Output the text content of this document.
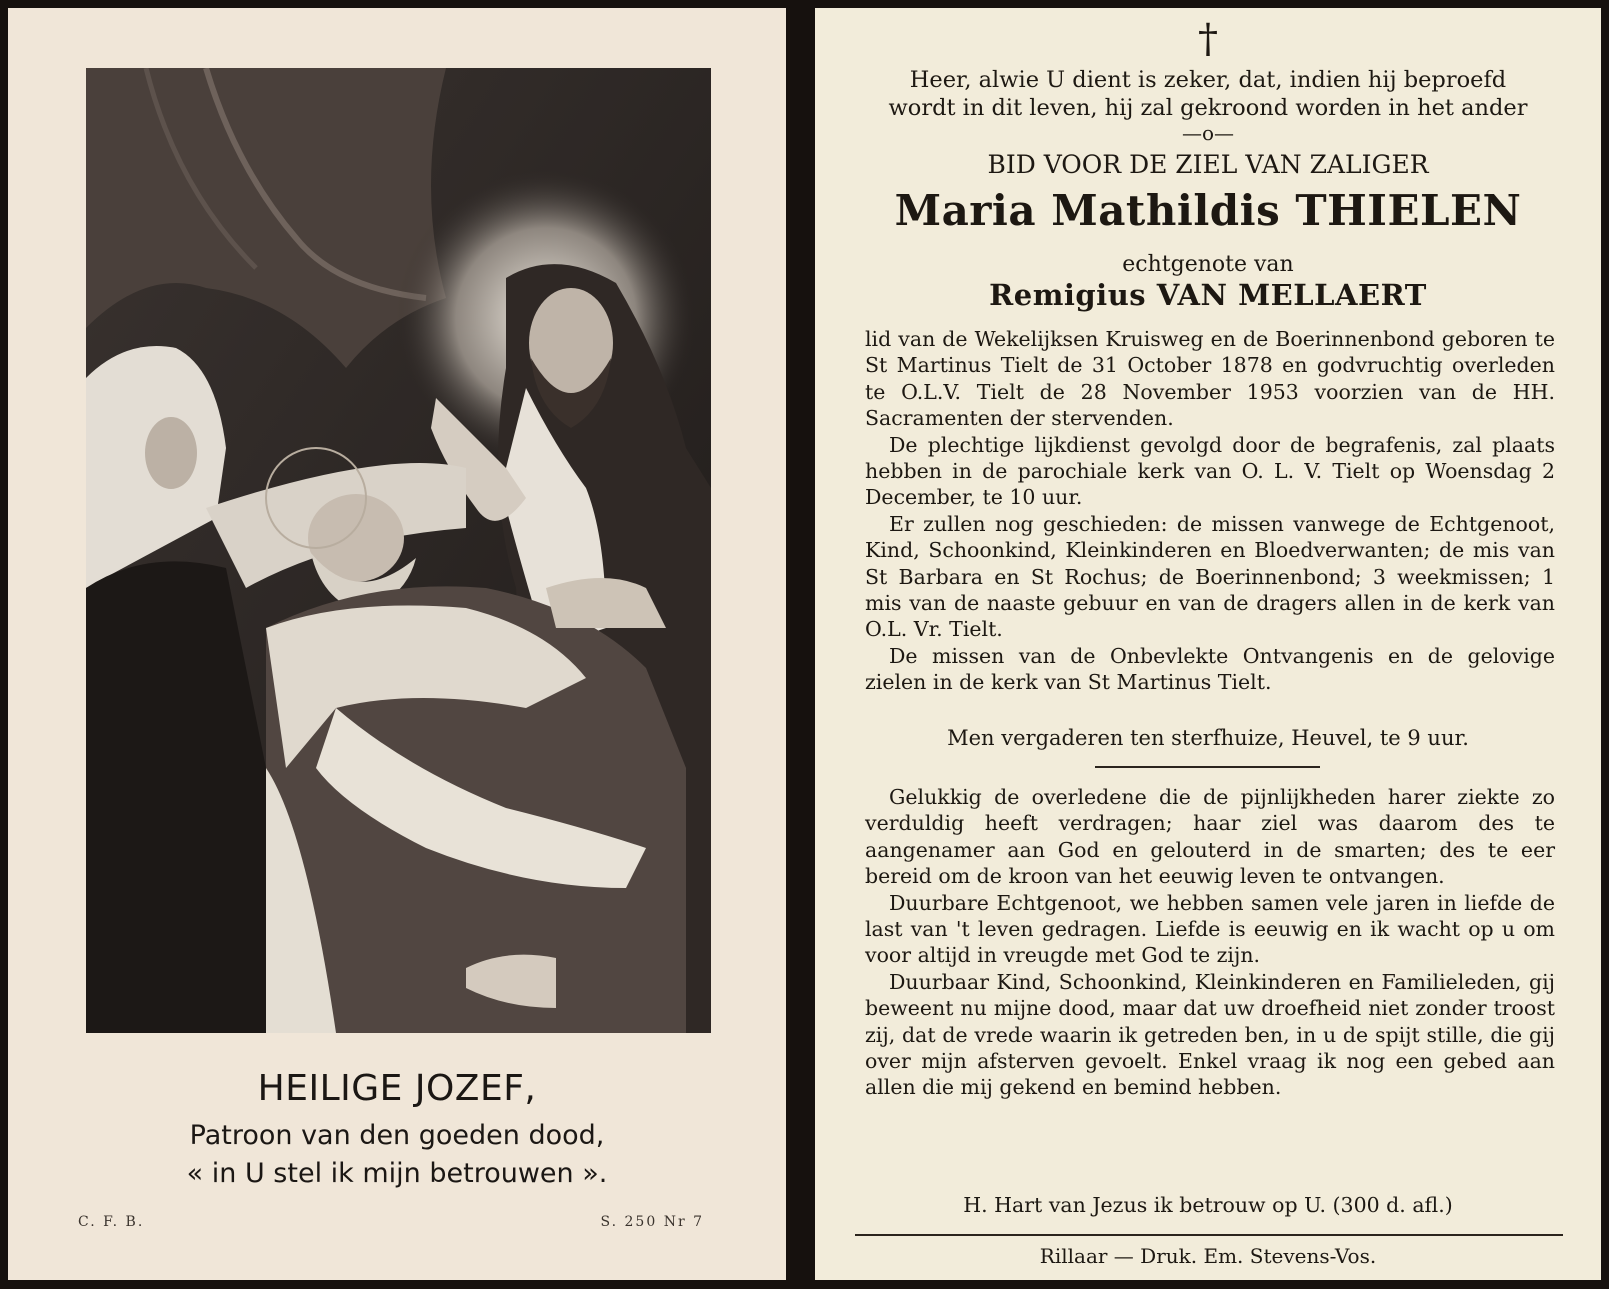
HEILIGE JOZEF,
Patroon van den goeden dood,
« in U stel ik mijn betrouwen ».
C. F. B.	S. 250 Nr 7
†
Heer, alwie U dient is zeker, dat, indien hij beproefd
wordt in dit leven, hij zal gekroond worden in het ander
—o—
BID VOOR DE ZIEL VAN ZALIGER
Maria Mathildis THIELEN
echtgenote van
Remigius VAN MELLAERT

lid van de Wekelijksen Kruisweg en de Boerinnenbond geboren te St Martinus Tielt de 31 October 1878 en godvruchtig overleden te O.L.V. Tielt de 28 November 1953 voorzien van de HH. Sacramenten der stervenden.

De plechtige lijkdienst gevolgd door de begrafenis, zal plaats hebben in de parochiale kerk van O. L. V. Tielt op Woensdag 2 December, te 10 uur.

Er zullen nog geschieden: de missen vanwege de Echtgenoot, Kind, Schoonkind, Kleinkinderen en Bloedverwanten; de mis van St Barbara en St Rochus; de Boerinnenbond; 3 weekmissen; 1 mis van de naaste gebuur en van de dragers allen in de kerk van O.L. Vr. Tielt.

De missen van de Onbevlekte Ontvangenis en de gelovige zielen in de kerk van St Martinus Tielt.

Men vergaderen ten sterfhuize, Heuvel, te 9 uur.

Gelukkig de overledene die de pijnlijkheden harer ziekte zo verduldig heeft verdragen; haar ziel was daarom des te aangenamer aan God en gelouterd in de smarten; des te eer bereid om de kroon van het eeuwig leven te ontvangen.

Duurbare Echtgenoot, we hebben samen vele jaren in liefde de last van 't leven gedragen. Liefde is eeuwig en ik wacht op u om voor altijd in vreugde met God te zijn.

Duurbaar Kind, Schoonkind, Kleinkinderen en Familieleden, gij beweent nu mijne dood, maar dat uw droefheid niet zonder troost zij, dat de vrede waarin ik getreden ben, in u de spijt stille, die gij over mijn afsterven gevoelt. Enkel vraag ik nog een gebed aan allen die mij gekend en bemind hebben.

H. Hart van Jezus ik betrouw op U. (300 d. afl.)
Rillaar — Druk. Em. Stevens-Vos.
